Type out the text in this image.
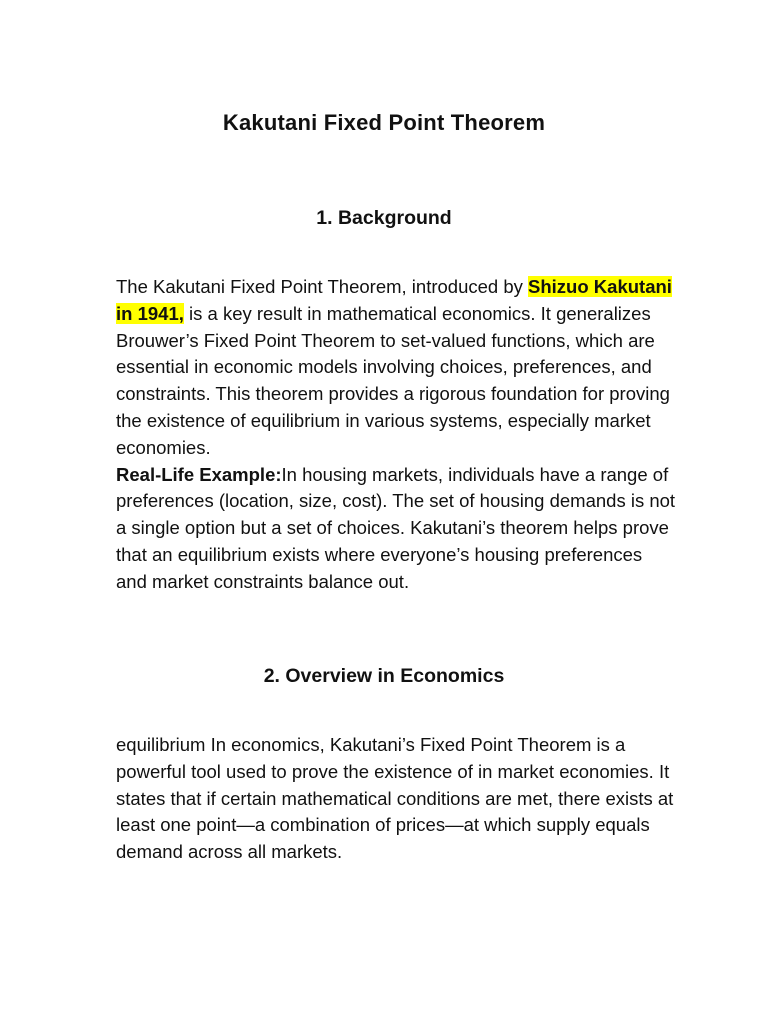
Kakutani Fixed Point Theorem
1. Background

The Kakutani Fixed Point Theorem, introduced by Shizuo Kakutani in 1941, is a key result in mathematical economics. It generalizes Brouwer’s Fixed Point Theorem to set-valued functions, which are essential in economic models involving choices, preferences, and constraints. This theorem provides a rigorous foundation for proving the existence of equilibrium in various systems, especially market economies.
Real-Life Example:In housing markets, individuals have a range of preferences (location, size, cost). The set of housing demands is not a single option but a set of choices. Kakutani’s theorem helps prove that an equilibrium exists where everyone’s housing preferences and market constraints balance out.

2. Overview in Economics

equilibrium In economics, Kakutani’s Fixed Point Theorem is a powerful tool used to prove the existence of in market economies. It states that if certain mathematical conditions are met, there exists at least one point—a combination of prices—at which supply equals demand across all markets.
